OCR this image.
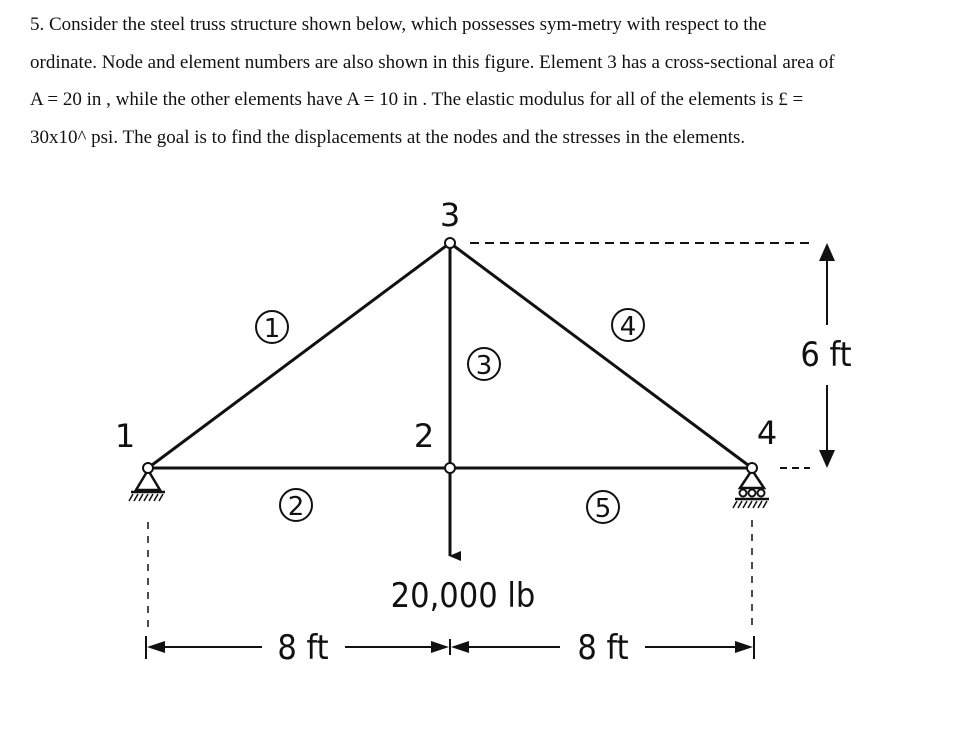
5. Consider the steel truss structure shown below, which possesses sym-metry with respect to the
ordinate. Node and element numbers are also shown in this figure. Element 3 has a cross-sectional area of
A = 20 in , while the other elements have A = 10 in . The elastic modulus for all of the elements is £ =
30x10^ psi. The goal is to find the displacements at the nodes and the stresses in the elements.
1	2
3
4
1
2
3
4
5
20,000 lb
6 ft
8 ft	8 ft
